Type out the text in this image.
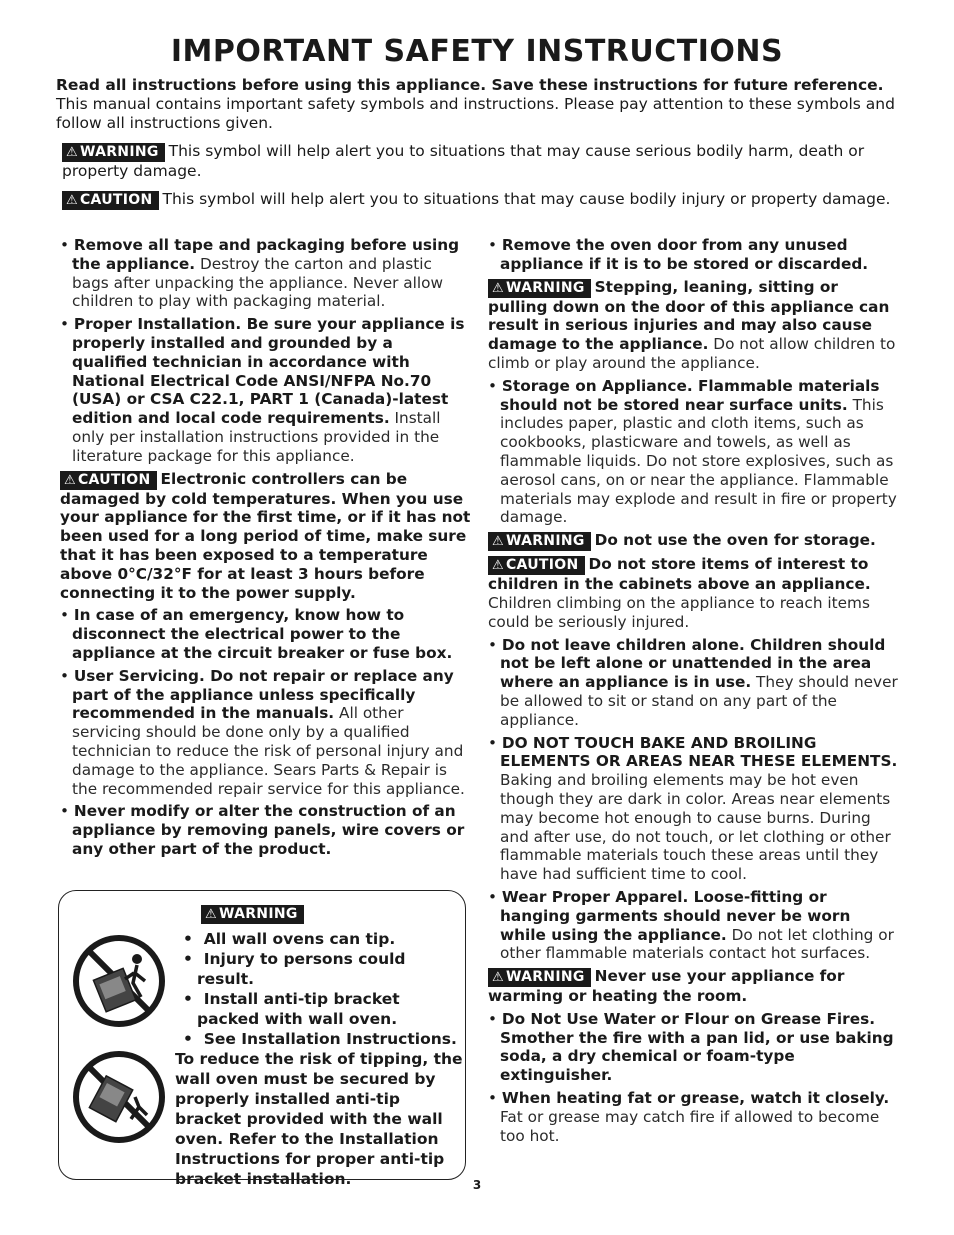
IMPORTANT SAFETY INSTRUCTIONS
Read all instructions before using this appliance. Save these instructions for future reference.
This manual contains important safety symbols and instructions. Please pay attention to these symbols and follow all instructions given.
⚠ WARNING This symbol will help alert you to situations that may cause serious bodily harm, death or property damage.
⚠ CAUTION This symbol will help alert you to situations that may cause bodily injury or property damage.
• Remove all tape and packaging before using the appliance. Destroy the carton and plastic bags after unpacking the appliance. Never allow children to play with packaging material.
• Proper Installation. Be sure your appliance is properly installed and grounded by a qualified technician in accordance with National Electrical Code ANSI/NFPA No.70 (USA) or CSA C22.1, PART 1 (Canada)-latest edition and local code requirements. Install only per installation instructions provided in the literature package for this appliance.
⚠ CAUTION Electronic controllers can be damaged by cold temperatures. When you use your appliance for the first time, or if it has not been used for a long period of time, make sure that it has been exposed to a temperature above 0°C/32°F for at least 3 hours before connecting it to the power supply.
• In case of an emergency, know how to disconnect the electrical power to the appliance at the circuit breaker or fuse box.
• User Servicing. Do not repair or replace any part of the appliance unless specifically recommended in the manuals. All other servicing should be done only by a qualified technician to reduce the risk of personal injury and damage to the appliance. Sears Parts & Repair is the recommended repair service for this appliance.
• Never modify or alter the construction of an appliance by removing panels, wire covers or any other part of the product.
⚠ WARNING
•  All wall ovens can tip.
•  Injury to persons could result.
•  Install anti-tip bracket packed with wall oven.
•  See Installation Instructions.
To reduce the risk of tipping, the wall oven must be secured by properly installed anti-tip bracket provided with the wall oven. Refer to the Installation Instructions for proper anti-tip bracket installation.
• Remove the oven door from any unused appliance if it is to be stored or discarded.
⚠ WARNING Stepping, leaning, sitting or pulling down on the door of this appliance can result in serious injuries and may also cause damage to the appliance. Do not allow children to climb or play around the appliance.
• Storage on Appliance. Flammable materials should not be stored near surface units. This includes paper, plastic and cloth items, such as cookbooks, plasticware and towels, as well as flammable liquids. Do not store explosives, such as aerosol cans, on or near the appliance. Flammable materials may explode and result in fire or property damage.
⚠ WARNING Do not use the oven for storage.
⚠ CAUTION Do not store items of interest to children in the cabinets above an appliance. Children climbing on the appliance to reach items could be seriously injured.
• Do not leave children alone. Children should not be left alone or unattended in the area where an appliance is in use. They should never be allowed to sit or stand on any part of the appliance.
• DO NOT TOUCH BAKE AND BROILING ELEMENTS OR AREAS NEAR THESE ELEMENTS. Baking and broiling elements may be hot even though they are dark in color. Areas near elements may become hot enough to cause burns. During and after use, do not touch, or let clothing or other flammable materials touch these areas until they have had sufficient time to cool.
• Wear Proper Apparel. Loose-fitting or hanging garments should never be worn while using the appliance. Do not let clothing or other flammable materials contact hot surfaces.
⚠ WARNING Never use your appliance for warming or heating the room.
• Do Not Use Water or Flour on Grease Fires. Smother the fire with a pan lid, or use baking soda, a dry chemical or foam-type extinguisher.
• When heating fat or grease, watch it closely. Fat or grease may catch fire if allowed to become too hot.
3
